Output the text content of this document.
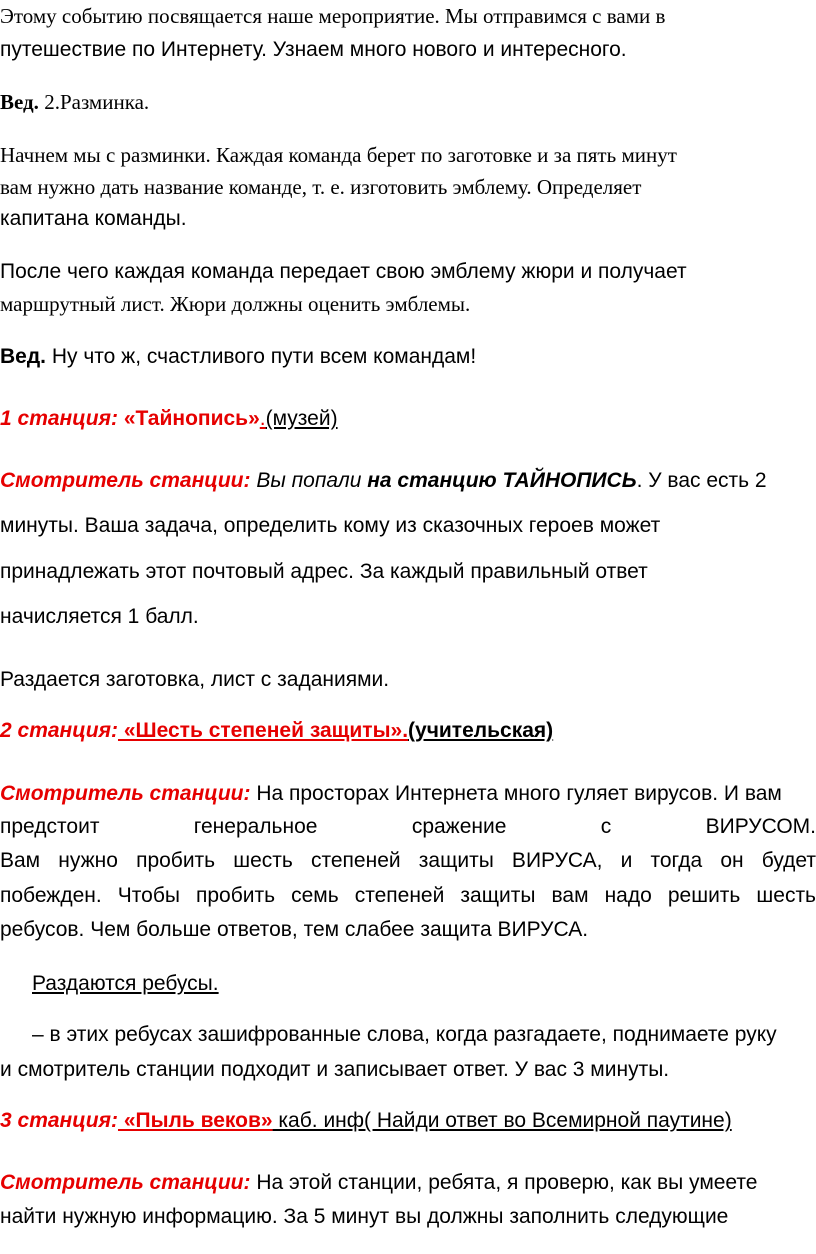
Этому событию посвящается наше мероприятие. Мы отправимся с вами в

путешествие по Интернету. Узнаем много нового и интересного.

Вед. 2.Разминка.

Начнем мы с разминки. Каждая команда берет по заготовке и за пять минут

вам нужно дать название команде, т. е. изготовить эмблему. Определяет

капитана команды.

После чего каждая команда передает свою эмблему жюри и получает

маршрутный лист. Жюри должны оценить эмблемы.

Вед. Ну что ж, счастливого пути всем командам!

1 станция: «Тайнопись».(музей)

Смотритель станции: Вы попали на станцию ТАЙНОПИСЬ. У вас есть 2

минуты. Ваша задача, определить кому из сказочных героев может

принадлежать этот почтовый адрес. За каждый правильный ответ

начисляется 1 балл.

Раздается заготовка, лист с заданиями.

2 станция: «Шесть степеней защиты».(учительская)

Смотритель станции: На просторах Интернета много гуляет вирусов. И вам

предстоит генеральное сражение с ВИРУСОМ.

Вам нужно пробить шесть степеней защиты ВИРУСА, и тогда он будет

побежден. Чтобы пробить семь степеней защиты вам надо решить шесть

ребусов. Чем больше ответов, тем слабее защита ВИРУСА.

Раздаются ребусы.

– в этих ребусах зашифрованные слова, когда разгадаете, поднимаете руку

и смотритель станции подходит и записывает ответ. У вас 3 минуты.

3 станция: «Пыль веков» каб. инф( Найди ответ во Всемирной паутине)

Смотритель станции: На этой станции, ребята, я проверю, как вы умеете

найти нужную информацию. За 5 минут вы должны заполнить следующие
